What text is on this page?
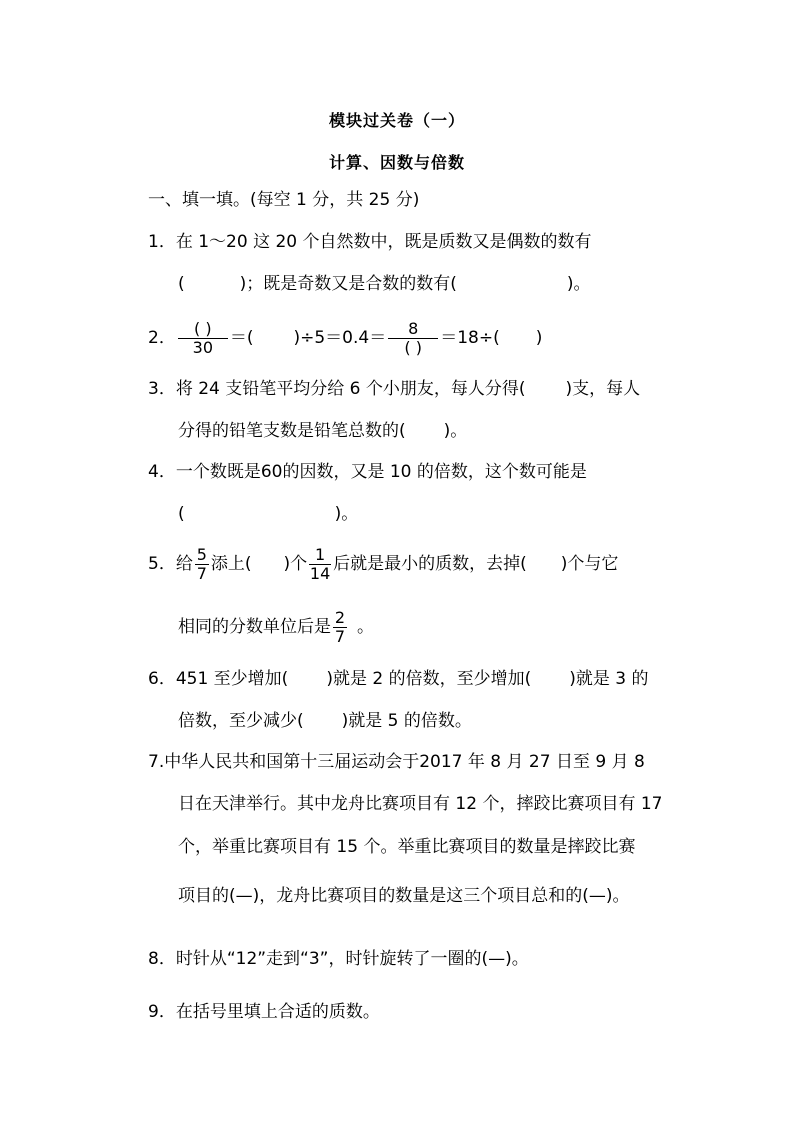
模块过关卷（一）
计算、因数与倍数
一、填一填。(每空 1 分，共 25 分)
1．在 1～20 这 20 个自然数中，既是质数又是偶数的数有
(	)；既是奇数又是合数的数有(	)。
2． $\frac{( )}{30}$ ＝( )$\div 5=0.4= \frac{8}{( )} =18\div$( )
3．将 24 支铅笔平均分给 6 个小朋友，每人分得( )支，每人
分得的铅笔支数是铅笔总数的( )。
4．一个数既是60的因数，又是 10 的倍数，这个数可能是
(	)。
5．给 $\frac{5}{7}$ 添上( )个 $\frac{1}{14}$ 后就是最小的质数，去掉( )个与它
相同的分数单位后是 $\frac{2}{7}$ 。
6．451 至少增加( )就是 2 的倍数，至少增加( )就是 3 的
倍数，至少减少( )就是 5 的倍数。
7.中华人民共和国第十三届运动会于2017 年 8 月 27 日至 9 月 8
日在天津举行。其中龙舟比赛项目有 12 个，摔跤比赛项目有 17
个，举重比赛项目有 15 个。举重比赛项目的数量是摔跤比赛
项目的(—)，龙舟比赛项目的数量是这三个项目总和的(—)。
8．时针从“12”走到“3”，时针旋转了一圈的(—)。
9．在括号里填上合适的质数。
